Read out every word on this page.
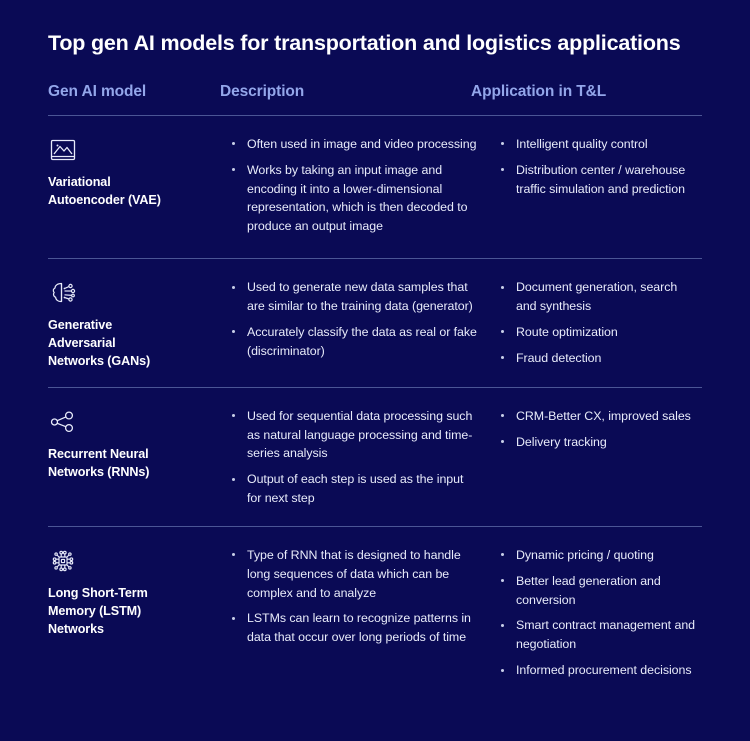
Top gen AI models for transportation and logistics applications
Gen AI model	Description	Application in T&L
Variational
Autoencoder (VAE)
Often used in image and video processing
Works by taking an input image and encoding it into a lower-dimensional representation, which is then decoded to produce an output image
Intelligent quality control
Distribution center / warehouse traffic simulation and prediction
Generative
Adversarial
Networks (GANs)
Used to generate new data samples that are similar to the training data (generator)
Accurately classify the data as real or fake (discriminator)
Document generation, search and synthesis
Route optimization
Fraud detection
Recurrent Neural
Networks (RNNs)
Used for sequential data processing such as natural language processing and time-series analysis
Output of each step is used as the input for next step
CRM-Better CX, improved sales
Delivery tracking
Long Short-Term
Memory (LSTM)
Networks
Type of RNN that is designed to handle long sequences of data which can be complex and to analyze
LSTMs can learn to recognize patterns in data that occur over long periods of time
Dynamic pricing / quoting
Better lead generation and conversion
Smart contract management and negotiation
Informed procurement decisions
